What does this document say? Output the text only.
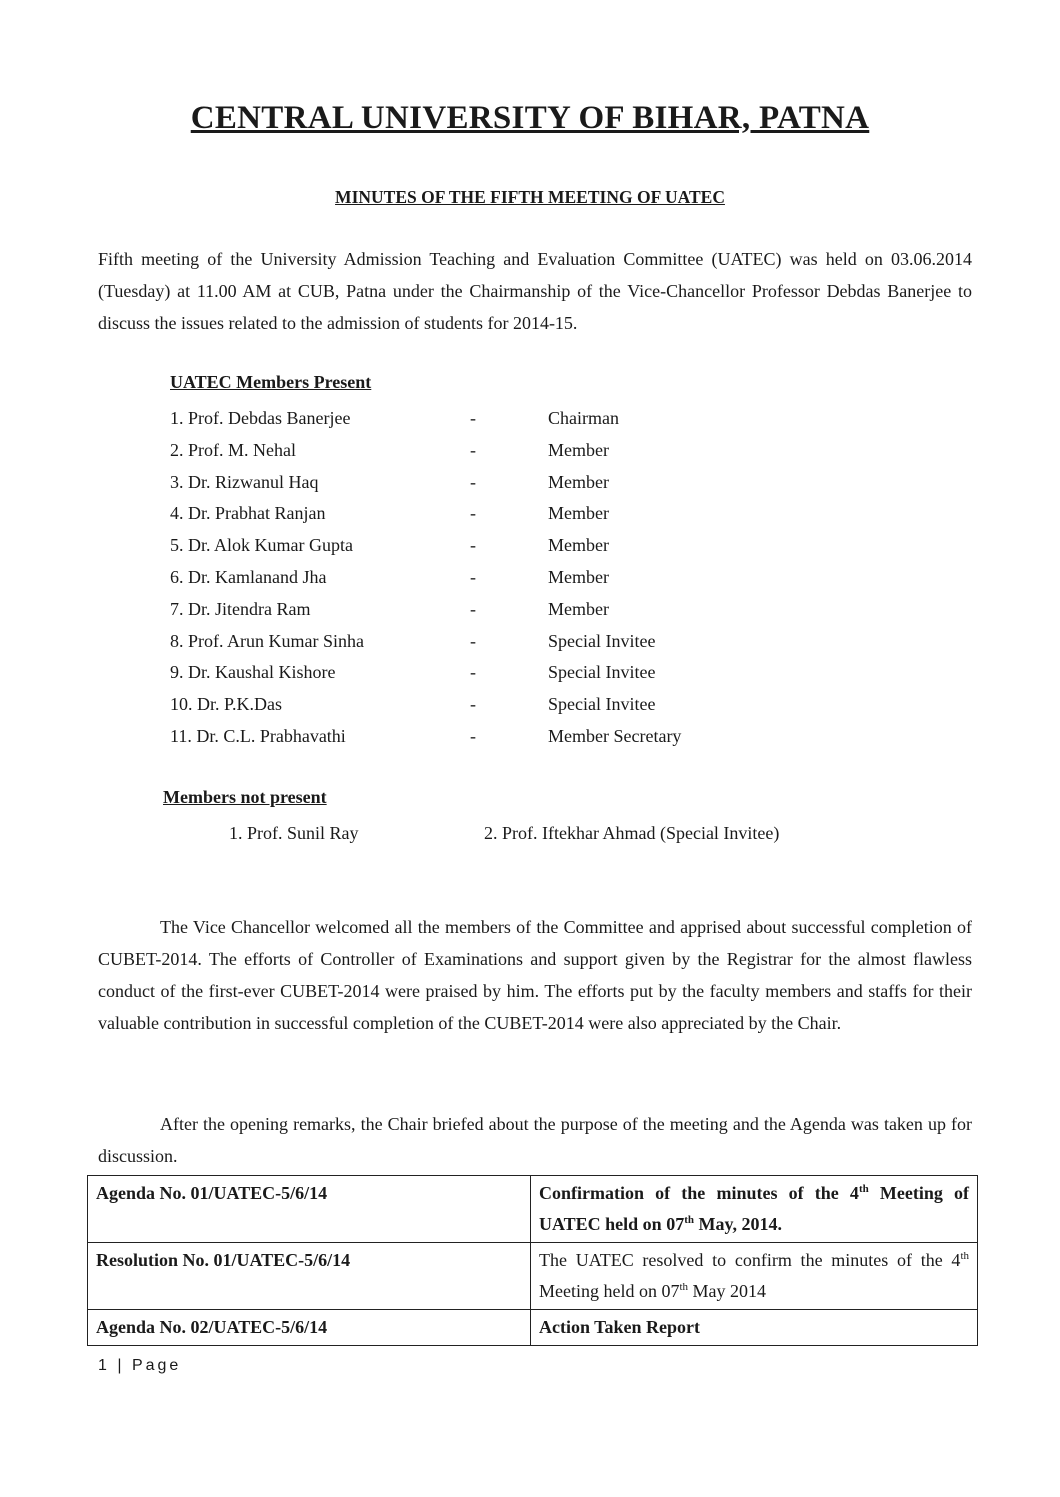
CENTRAL UNIVERSITY OF BIHAR, PATNA
MINUTES OF THE FIFTH MEETING OF UATEC
Fifth meeting of the University Admission Teaching and Evaluation Committee (UATEC) was held on 03.06.2014 (Tuesday) at 11.00 AM at CUB, Patna under the Chairmanship of the Vice-Chancellor Professor Debdas Banerjee to discuss the issues related to the admission of students for 2014-15.
UATEC Members Present
1. Prof. Debdas Banerjee	-	Chairman
2. Prof. M. Nehal	-	Member
3. Dr. Rizwanul Haq	-	Member
4. Dr. Prabhat Ranjan	-	Member
5. Dr. Alok Kumar Gupta	-	Member
6. Dr. Kamlanand Jha	-	Member
7. Dr. Jitendra Ram	-	Member
8. Prof. Arun Kumar Sinha	-	Special Invitee
9. Dr. Kaushal Kishore	-	Special Invitee
10. Dr. P.K.Das	-	Special Invitee
11. Dr. C.L. Prabhavathi	-	Member Secretary
Members not present
1. Prof. Sunil Ray	2. Prof. Iftekhar Ahmad (Special Invitee)
The Vice Chancellor welcomed all the members of the Committee and apprised about successful completion of CUBET-2014. The efforts of Controller of Examinations and support given by the Registrar for the almost flawless conduct of the first-ever CUBET-2014 were praised by him. The efforts put by the faculty members and staffs for their valuable contribution in successful completion of the CUBET-2014 were also appreciated by the Chair.
After the opening remarks, the Chair briefed about the purpose of the meeting and the Agenda was taken up for discussion.
Agenda No. 01/UATEC-5/6/14	Confirmation of the minutes of the 4th Meeting of UATEC held on 07th May, 2014.
Resolution No. 01/UATEC-5/6/14	The UATEC resolved to confirm the minutes of the 4th Meeting held on 07th May 2014
Agenda No. 02/UATEC-5/6/14	Action Taken Report
1 | Page
